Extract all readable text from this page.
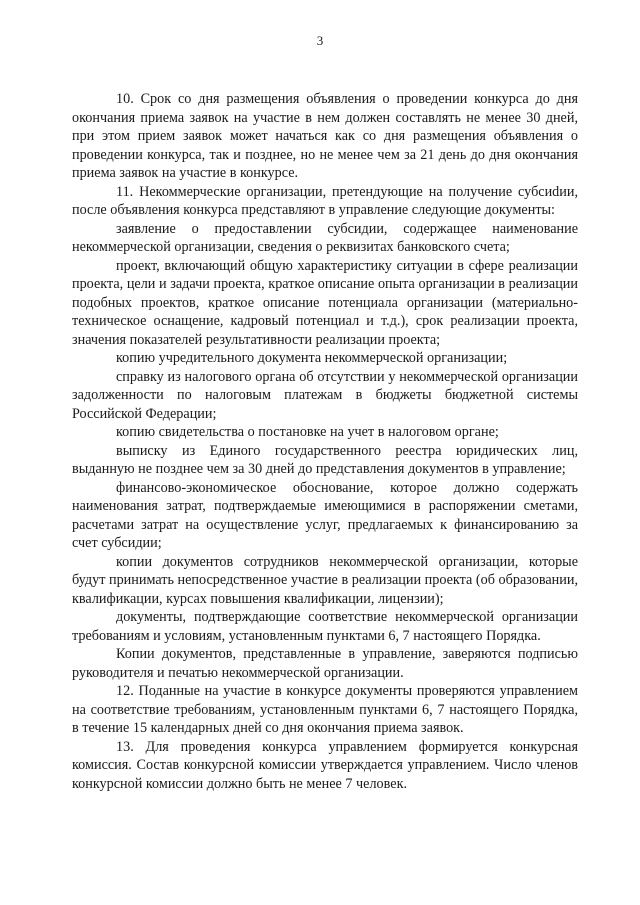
3

10. Срок со дня размещения объявления о проведении конкурса до дня окончания приема заявок на участие в нем должен составлять не менее 30 дней, при этом прием заявок может начаться как со дня размещения объявления о проведении конкурса, так и позднее, но не менее чем за 21 день до дня окончания приема заявок на участие в конкурсе.

11. Некоммерческие организации, претендующие на получение субсиdии, после объявления конкурса представляют в управление следующие документы:

заявление о предоставлении субсидии, содержащее наименование некоммерческой организации, сведения о реквизитах банковского счета;

проект, включающий общую характеристику ситуации в сфере реализации проекта, цели и задачи проекта, краткое описание опыта организации в реализации подобных проектов, краткое описание потенциала организации (материально-техническое оснащение, кадровый потенциал и т.д.), срок реализации проекта, значения показателей результативности реализации проекта;

копию учредительного документа некоммерческой организации;

справку из налогового органа об отсутствии у некоммерческой организации задолженности по налоговым платежам в бюджеты бюджетной системы Российской Федерации;

копию свидетельства о постановке на учет в налоговом органе;

выписку из Единого государственного реестра юридических лиц, выданную не позднее чем за 30 дней до представления документов в управление;

финансово-экономическое обоснование, которое должно содержать наименования затрат, подтверждаемые имеющимися в распоряжении сметами, расчетами затрат на осуществление услуг, предлагаемых к финансированию за счет субсидии;

копии документов сотрудников некоммерческой организации, которые будут принимать непосредственное участие в реализации проекта (об образовании, квалификации, курсах повышения квалификации, лицензии);

документы, подтверждающие соответствие некоммерческой организации требованиям и условиям, установленным пунктами 6, 7 настоящего Порядка.

Копии документов, представленные в управление, заверяются подписью руководителя и печатью некоммерческой организации.

12. Поданные на участие в конкурсе документы проверяются управлением на соответствие требованиям, установленным пунктами 6, 7 настоящего Порядка, в течение 15 календарных дней со дня окончания приема заявок.

13. Для проведения конкурса управлением формируется конкурсная комиссия. Состав конкурсной комиссии утверждается управлением. Число членов конкурсной комиссии должно быть не менее 7 человек.
